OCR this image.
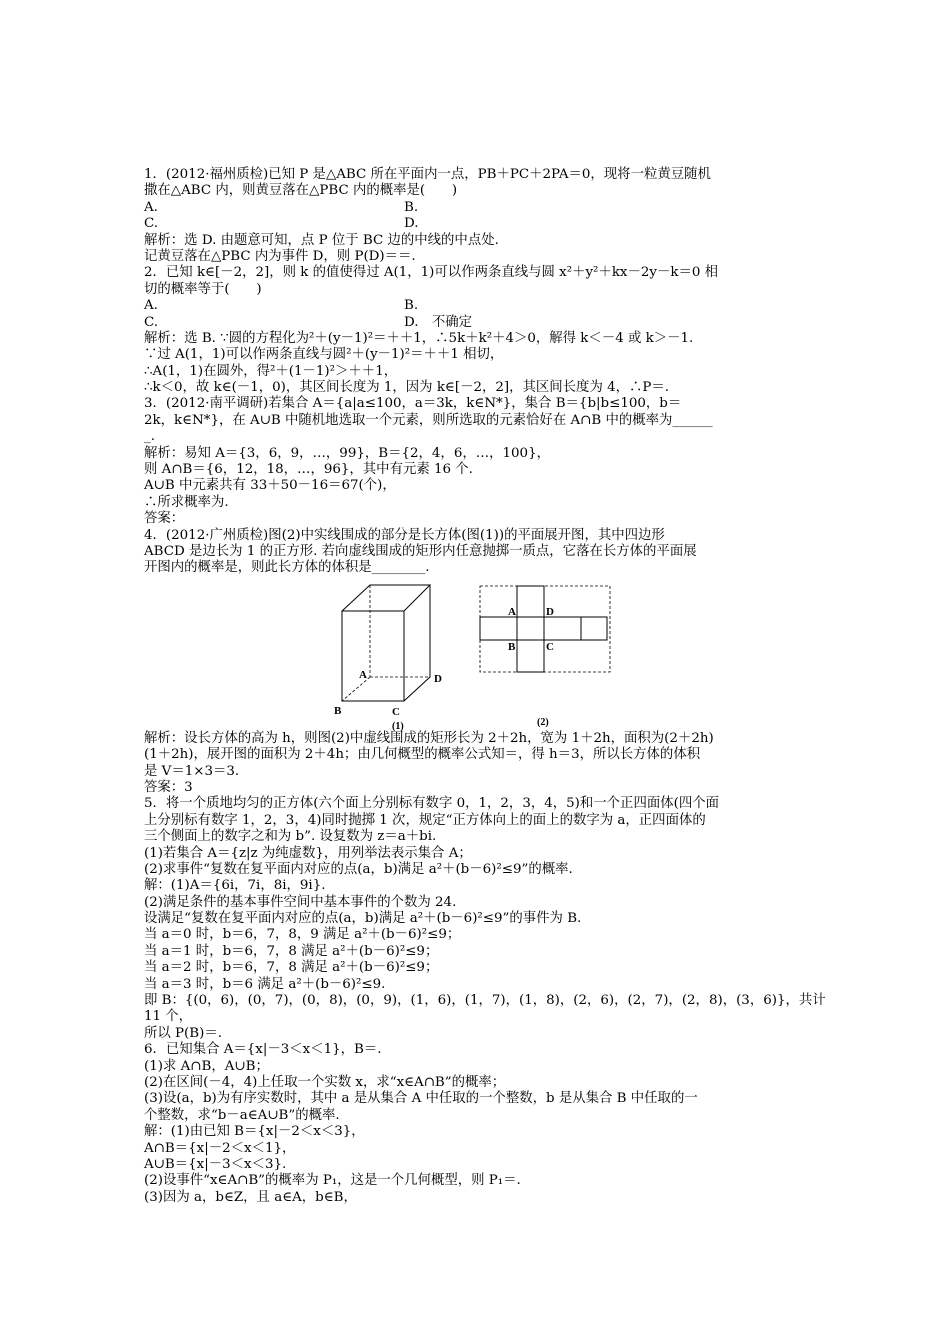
1．(2012·福州质检)已知 P 是△ABC 所在平面内一点，PB＋PC＋2PA＝0，现将一粒黄豆随机
撒在△ABC 内，则黄豆落在△PBC 内的概率是(　　)
A.	B.
C.	D.
解析：选 D. 由题意可知，点 P 位于 BC 边的中线的中点处.
记黄豆落在△PBC 内为事件 D，则 P(D)＝＝.
2．已知 k∈[－2，2]，则 k 的值使得过 A(1，1)可以作两条直线与圆 x²＋y²＋kx－2y－k＝0 相
切的概率等于(　　)
A.	B.
C.	D.　不确定
解析：选 B. ∵圆的方程化为²＋(y－1)²＝＋＋1，∴5k＋k²＋4＞0，解得 k＜－4 或 k＞－1.
∵过 A(1，1)可以作两条直线与圆²＋(y－1)²＝＋＋1 相切，
∴A(1，1)在圆外，得²＋(1－1)²＞＋＋1，
∴k＜0，故 k∈(－1，0)，其区间长度为 1，因为 k∈[－2，2]，其区间长度为 4，∴P＝.
3．(2012·南平调研)若集合 A＝{a|a≤100，a＝3k，k∈N*}，集合 B＝{b|b≤100，b＝
2k，k∈N*}，在 A∪B 中随机地选取一个元素，则所选取的元素恰好在 A∩B 中的概率为______
_.
解析：易知 A＝{3，6，9，…，99}，B＝{2，4，6，…，100}，
则 A∩B＝{6，12，18，…，96}，其中有元素 16 个.
A∪B 中元素共有 33＋50－16＝67(个)，
∴所求概率为.
答案：
4．(2012·广州质检)图(2)中实线围成的部分是长方体(图(1))的平面展开图，其中四边形
ABCD 是边长为 1 的正方形. 若向虚线围成的矩形内任意抛掷一质点，它落在长方体的平面展
开图内的概率是，则此长方体的体积是________.
A	D
B	C
(1)
A	D
B	C
(2)
解析：设长方体的高为 h，则图(2)中虚线围成的矩形长为 2＋2h，宽为 1＋2h，面积为(2＋2h)
(1＋2h)，展开图的面积为 2＋4h；由几何概型的概率公式知＝，得 h＝3，所以长方体的体积
是 V＝1×3＝3.
答案：3
5．将一个质地均匀的正方体(六个面上分别标有数字 0，1，2，3，4，5)和一个正四面体(四个面
上分别标有数字 1，2，3，4)同时抛掷 1 次，规定“正方体向上的面上的数字为 a，正四面体的
三个侧面上的数字之和为 b”. 设复数为 z＝a＋bi.
(1)若集合 A＝{z|z 为纯虚数}，用列举法表示集合 A；
(2)求事件“复数在复平面内对应的点(a，b)满足 a²＋(b－6)²≤9”的概率.
解：(1)A＝{6i，7i，8i，9i}.
(2)满足条件的基本事件空间中基本事件的个数为 24.
设满足“复数在复平面内对应的点(a，b)满足 a²＋(b－6)²≤9”的事件为 B.
当 a＝0 时，b＝6，7，8，9 满足 a²＋(b－6)²≤9；
当 a＝1 时，b＝6，7，8 满足 a²＋(b－6)²≤9；
当 a＝2 时，b＝6，7，8 满足 a²＋(b－6)²≤9；
当 a＝3 时，b＝6 满足 a²＋(b－6)²≤9.
即 B：{(0，6)，(0，7)，(0，8)，(0，9)，(1，6)，(1，7)，(1，8)，(2，6)，(2，7)，(2，8)，(3，6)}，共计
11 个，
所以 P(B)＝.
6．已知集合 A＝{x|－3＜x＜1}，B＝.
(1)求 A∩B，A∪B；
(2)在区间(－4，4)上任取一个实数 x，求“x∈A∩B”的概率；
(3)设(a，b)为有序实数时，其中 a 是从集合 A 中任取的一个整数，b 是从集合 B 中任取的一
个整数，求“b－a∈A∪B”的概率.
解：(1)由已知 B＝{x|－2＜x＜3}，
A∩B＝{x|－2＜x＜1}，
A∪B＝{x|－3＜x＜3}.
(2)设事件“x∈A∩B”的概率为 P₁，这是一个几何概型，则 P₁＝.
(3)因为 a，b∈Z，且 a∈A，b∈B，
